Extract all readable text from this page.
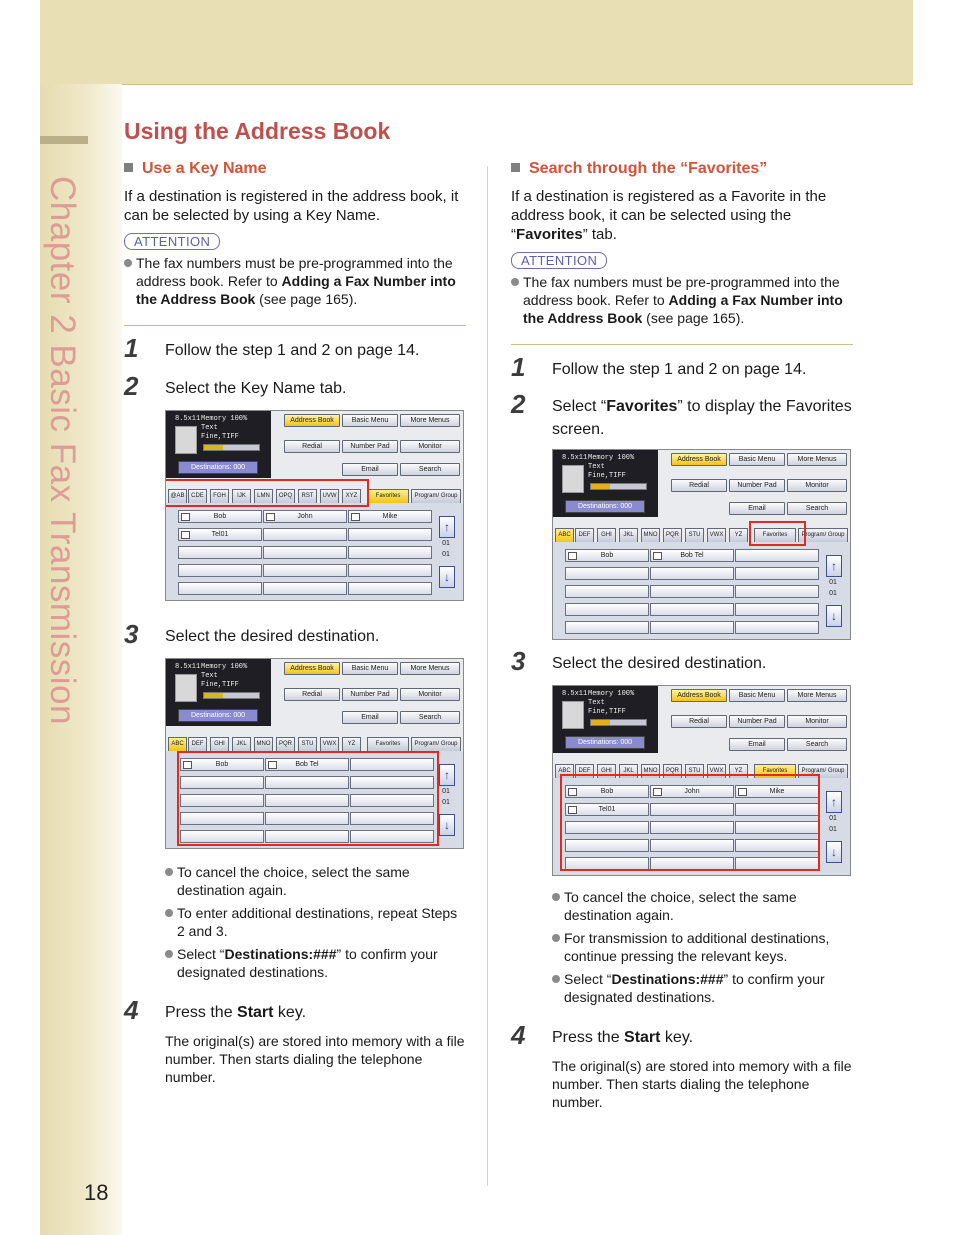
Chapter 2 Basic Fax Transmission
18
Using the Address Book
Use a Key Name

If a destination is registered in the address book, it can be selected by using a Key Name.

ATTENTION
The fax numbers must be pre-programmed into the address book. Refer to Adding a Fax Number into the Address Book (see page 165).
1 Follow the step 1 and 2 on page 14.
2 Select the Key Name tab.
8.5x11 Memory 100%
Text
Fine,TIFF
Destinations: 000
Address Book	Basic Menu	More Menus
Redial	Number Pad	Monitor
Email	Search
@AB	CDE	FGH	IJK	LMN	OPQ	RST	UVW	XYZ	Favorites	Program/ Group
Bob	John	Mike
Tel01
↑
01
01
↓
3 Select the desired destination.
8.5x11 Memory 100%
Text
Fine,TIFF
Destinations: 000
Address Book	Basic Menu	More Menus
Redial	Number Pad	Monitor
Email	Search
ABC	DEF	GHI	JKL	MNO	PQR	STU	VWX	YZ	Favorites	Program/ Group
Bob	Bob Tel
↑
01
01
↓
To cancel the choice, select the same destination again.
To enter additional destinations, repeat Steps 2 and 3.
Select “Destinations:###” to confirm your designated destinations.
4 Press the Start key.
The original(s) are stored into memory with a file number. Then starts dialing the telephone number.
Search through the “Favorites”

If a destination is registered as a Favorite in the address book, it can be selected using the “Favorites” tab.

ATTENTION
The fax numbers must be pre-programmed into the address book. Refer to Adding a Fax Number into the Address Book (see page 165).
1 Follow the step 1 and 2 on page 14.
2 Select “Favorites” to display the Favorites screen.
8.5x11 Memory 100%
Text
Fine,TIFF
Destinations: 000
Address Book	Basic Menu	More Menus
Redial	Number Pad	Monitor
Email	Search
ABC	DEF	GHI	JKL	MNO	PQR	STU	VWX	YZ	Favorites	Program/ Group
Bob	Bob Tel
↑
01
01
↓
3 Select the desired destination.
8.5x11 Memory 100%
Text
Fine,TIFF
Destinations: 000
Address Book	Basic Menu	More Menus
Redial	Number Pad	Monitor
Email	Search
ABC	DEF	GHI	JKL	MNO	PQR	STU	VWX	YZ	Favorites	Program/ Group
Bob	John	Mike
Tel01
↑
01
01
↓
To cancel the choice, select the same destination again.
For transmission to additional destinations, continue pressing the relevant keys.
Select “Destinations:###” to confirm your designated destinations.
4 Press the Start key.
The original(s) are stored into memory with a file number. Then starts dialing the telephone number.
